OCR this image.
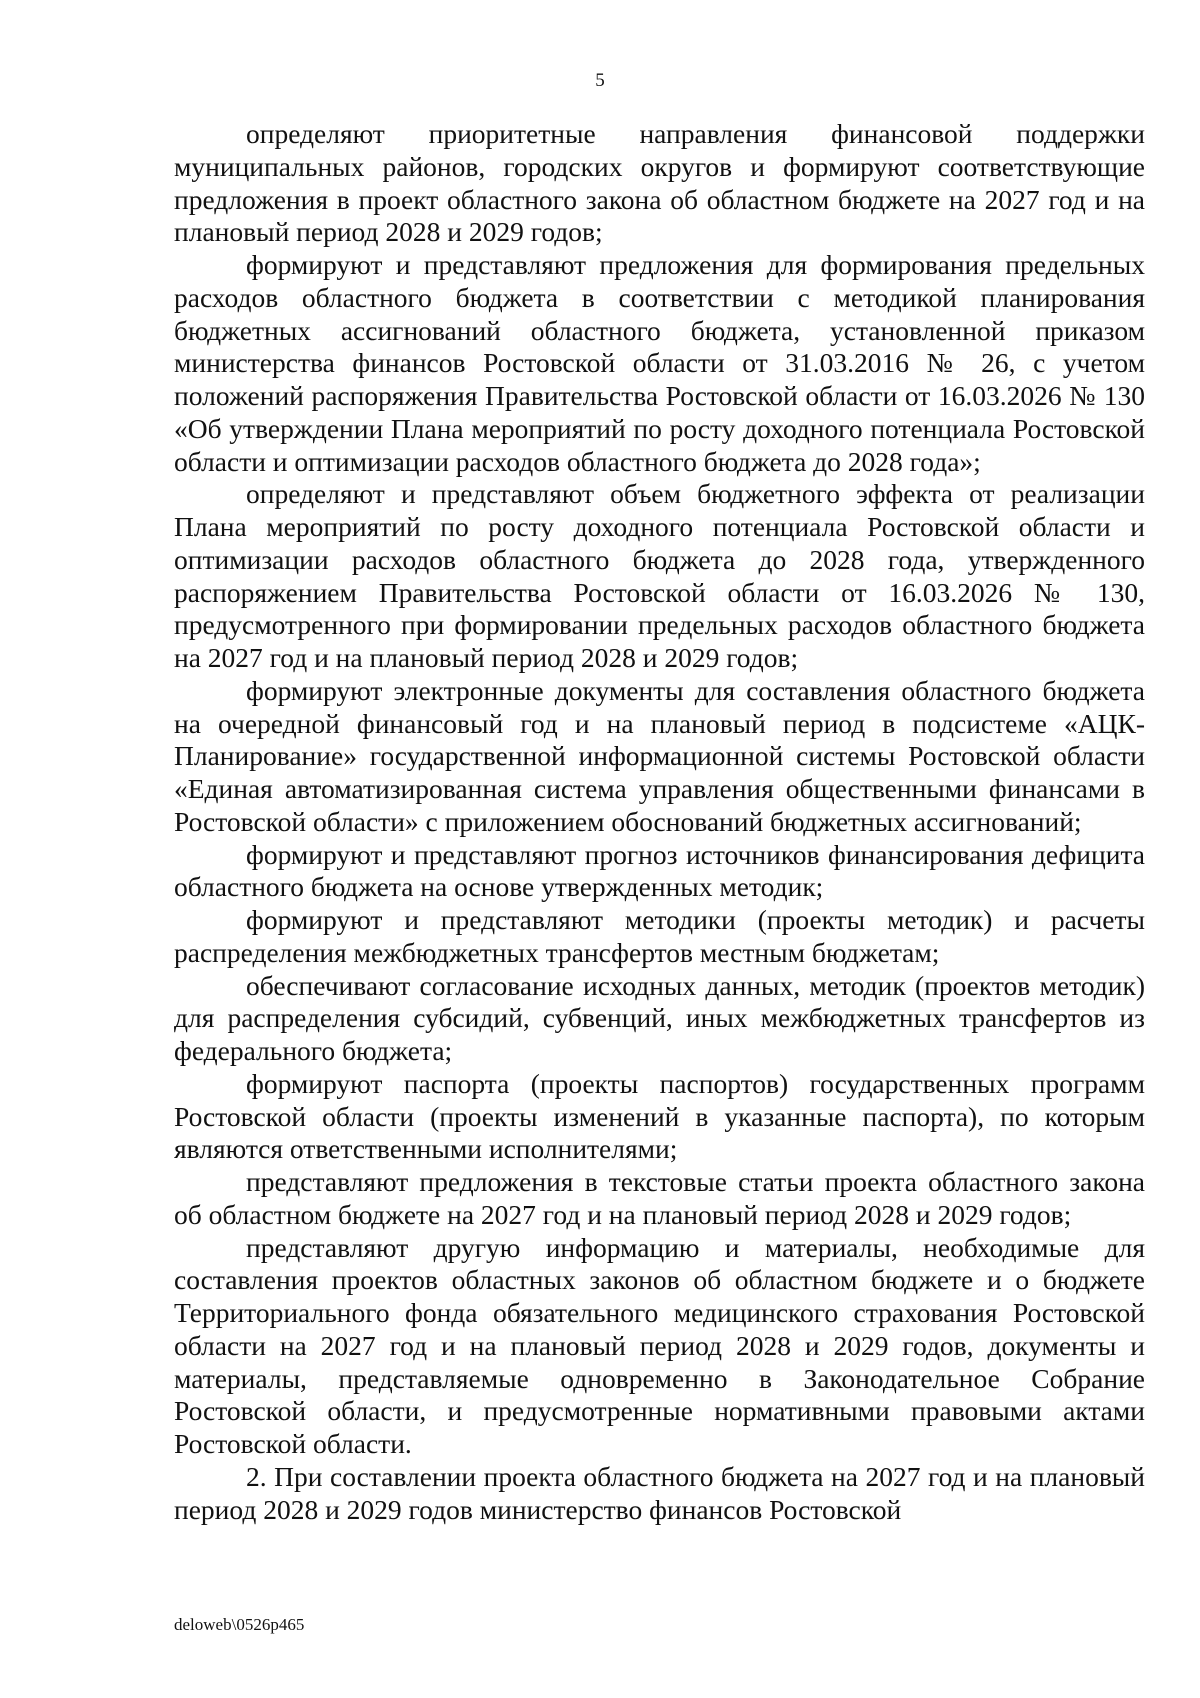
5

определяют приоритетные направления финансовой поддержки муниципальных районов, городских округов и формируют соответствующие предложения в проект областного закона об областном бюджете на 2027 год и на плановый период 2028 и 2029 годов;

формируют и представляют предложения для формирования предельных расходов областного бюджета в соответствии с методикой планирования бюджетных ассигнований областного бюджета, установленной приказом министерства финансов Ростовской области от 31.03.2016 № 26, с учетом положений распоряжения Правительства Ростовской области от 16.03.2026 № 130 «Об утверждении Плана мероприятий по росту доходного потенциала Ростовской области и оптимизации расходов областного бюджета до 2028 года»;

определяют и представляют объем бюджетного эффекта от реализации Плана мероприятий по росту доходного потенциала Ростовской области и оптимизации расходов областного бюджета до 2028 года, утвержденного распоряжением Правительства Ростовской области от 16.03.2026 № 130, предусмотренного при формировании предельных расходов областного бюджета на 2027 год и на плановый период 2028 и 2029 годов;

формируют электронные документы для составления областного бюджета на очередной финансовый год и на плановый период в подсистеме «АЦК-Планирование» государственной информационной системы Ростовской области «Единая автоматизированная система управления общественными финансами в Ростовской области» с приложением обоснований бюджетных ассигнований;

формируют и представляют прогноз источников финансирования дефицита областного бюджета на основе утвержденных методик;

формируют и представляют методики (проекты методик) и расчеты распределения межбюджетных трансфертов местным бюджетам;

обеспечивают согласование исходных данных, методик (проектов методик) для распределения субсидий, субвенций, иных межбюджетных трансфертов из федерального бюджета;

формируют паспорта (проекты паспортов) государственных программ Ростовской области (проекты изменений в указанные паспорта), по которым являются ответственными исполнителями;

представляют предложения в текстовые статьи проекта областного закона об областном бюджете на 2027 год и на плановый период 2028 и 2029 годов;

представляют другую информацию и материалы, необходимые для составления проектов областных законов об областном бюджете и о бюджете Территориального фонда обязательного медицинского страхования Ростовской области на 2027 год и на плановый период 2028 и 2029 годов, документы и материалы, представляемые одновременно в Законодательное Собрание Ростовской области, и предусмотренные нормативными правовыми актами Ростовской области.

2. При составлении проекта областного бюджета на 2027 год и на плановый период 2028 и 2029 годов министерство финансов Ростовской

deloweb\0526p465
